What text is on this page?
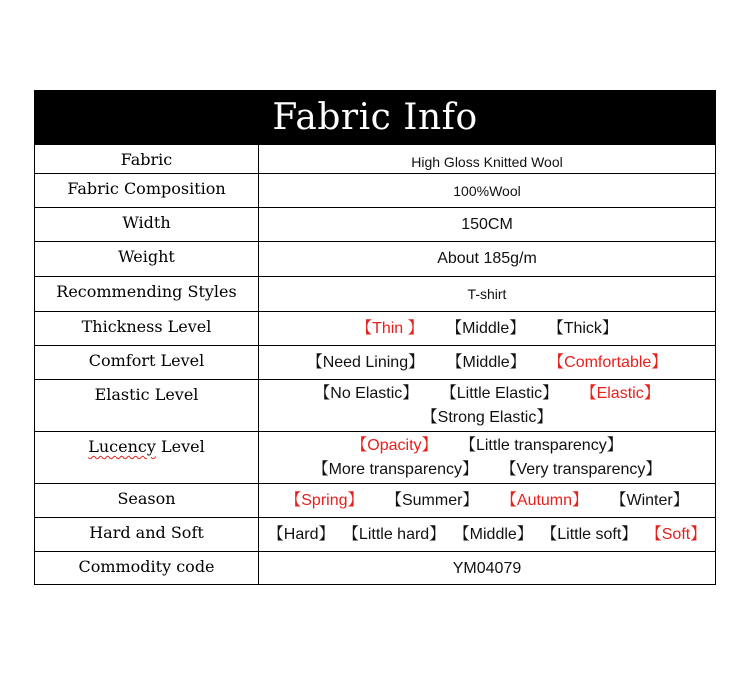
Fabric Info
Fabric	High Gloss Knitted Wool
Fabric Composition	100%Wool
Width	150CM
Weight	About 185g/m
Recommending Styles	T-shirt
Thickness Level	【Thin 】 【Middle】 【Thick】
Comfort Level	【Need Lining】 【Middle】 【Comfortable】
Elastic Level	【No Elastic】 【Little Elastic】 【Elastic】
【Strong Elastic】
Lucency Level	【Opacity】 【Little transparency】
【More transparency】 【Very transparency】
Season	【Spring】 【Summer】 【Autumn】 【Winter】
Hard and Soft	【Hard】 【Little hard】 【Middle】 【Little soft】 【Soft】
Commodity code	YM04079
